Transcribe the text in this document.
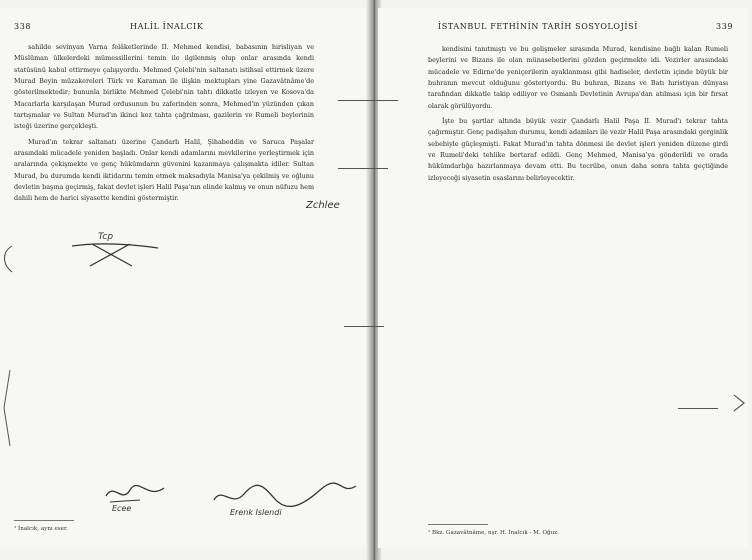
338	HALİL İNALCIK

sahilde sevinyan Varna felâketlerinde II. Mehmed kendisi, babasının hırisliyan ve Müslüman ülkelerdeki mümessillerini temin ile ilgilenmiş olup onlar arasında kendi statüsünü kabul ettirmeye çalışıyordu. Mehmed Çelebi'nin saltanatı istihsal ettirmek üzere Murad Beyin müzakereleri Türk ve Karaman ile ilişkin mektupları yine Gazavâtnâme'de gösterilmektedir; bununla birlikte Mehmed Çelebi'nin tahtı dikkatle izleyen ve Kosova'da Macarlarla karşılaşan Murad ordusunun bu zaferinden sonra, Mehmed'in yüzünden çıkan tartışmalar ve Sultan Murad'ın ikinci kez tahta çağrılması, gazilerin ve Rumeli beylerinin isteği üzerine gerçekleşti.

Murad'ın tekrar saltanatı üzerine Çandarlı Halil, Şihabeddin ve Saruca Paşalar arasındaki mücadele yeniden başladı. Onlar kendi adamlarını mevkilerine yerleştirmek için aralarında çekişmekte ve genç hükümdarın güvenini kazanmaya çalışmakta idiler. Sultan Murad, bu durumda kendi iktidarını temin etmek maksadıyla Manisa'ya çekilmiş ve oğlunu devletin başına geçirmiş, fakat devlet işleri Halil Paşa'nın elinde kalmış ve onun nüfuzu hem dahili hem de harici siyasette kendini göstermiştir.

Tcp
Ecee	Erenk Islendi
¹ İnalcık, aynı eser.
İSTANBUL FETHİNİN TARİH SOSYOLOJİSİ	339

kendisini tanıtmıştı ve bu gelişmeler sırasında Murad, kendisine bağlı kalan Rumeli beylerini ve Bizans ile olan münasebetlerini gözden geçirmekte idi. Vezirler arasındaki mücadele ve Edirne'de yeniçerilerin ayaklanması gibi hadiseler, devletin içinde büyük bir buhranın mevcut olduğunu gösteriyordu. Bu buhran, Bizans ve Batı hıristiyan dünyası tarafından dikkatle takip ediliyor ve Osmanlı Devletinin Avrupa'dan atılması için bir fırsat olarak görülüyordu.

İşte bu şartlar altında büyük vezir Çandarlı Halil Paşa II. Murad'ı tekrar tahta çağırmıştır. Genç padişahın durumu, kendi adamları ile vezir Halil Paşa arasındaki gerginlik sebebiyle güçleşmişti. Fakat Murad'ın tahta dönmesi ile devlet işleri yeniden düzene girdi ve Rumeli'deki tehlike bertaraf edildi. Genç Mehmed, Manisa'ya gönderildi ve orada hükümdarlığa hazırlanmaya devam etti. Bu tecrübe, onun daha sonra tahta geçtiğinde izleyeceği siyasetin esaslarını belirleyecektir.

Zchlee
¹ Bkz. Gazavâtnâme, nşr. H. İnalcık - M. Oğuz.
